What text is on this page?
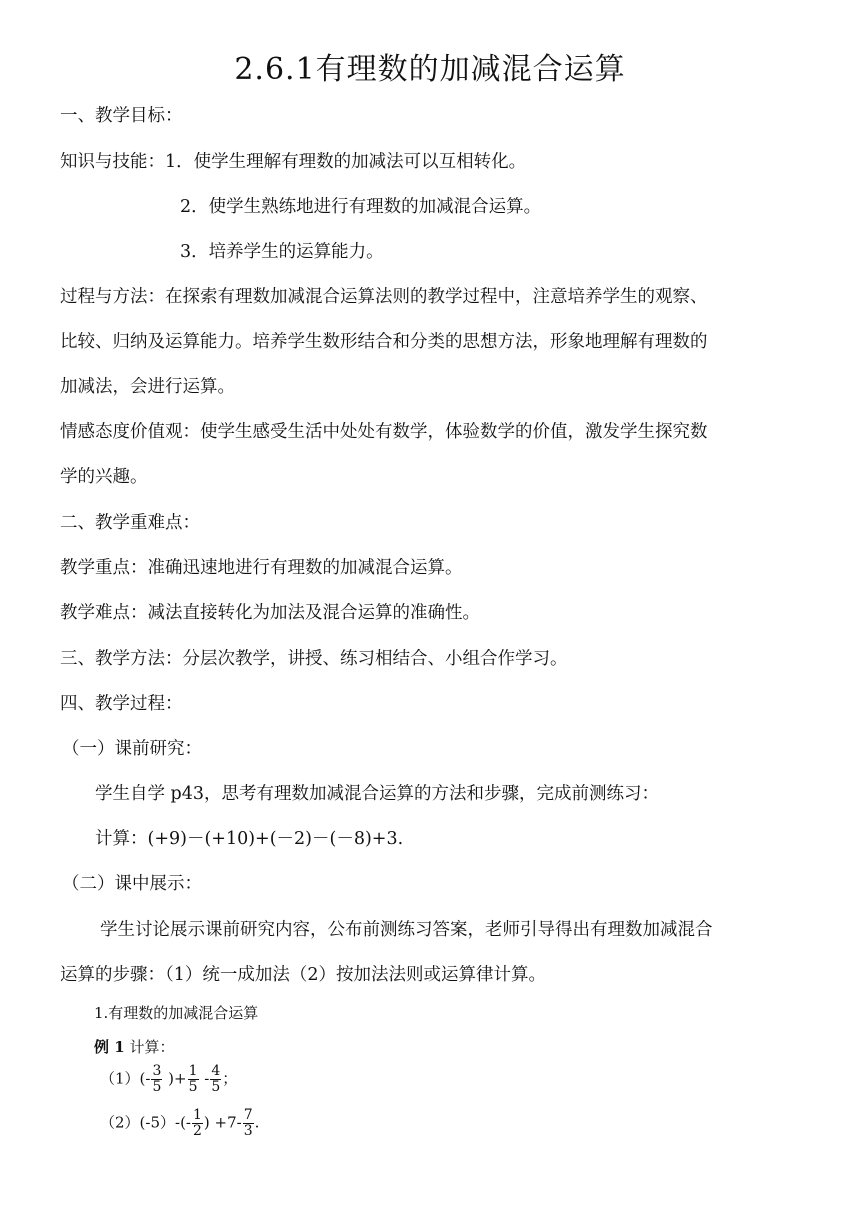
2.6.1有理数的加减混合运算
一、教学目标：
知识与技能：1．使学生理解有理数的加减法可以互相转化。
2．使学生熟练地进行有理数的加减混合运算。
3．培养学生的运算能力。
过程与方法：在探索有理数加减混合运算法则的教学过程中，注意培养学生的观察、
比较、归纳及运算能力。培养学生数形结合和分类的思想方法，形象地理解有理数的
加减法，会进行运算。
情感态度价值观：使学生感受生活中处处有数学，体验数学的价值，激发学生探究数
学的兴趣。
二、教学重难点：
教学重点：准确迅速地进行有理数的加减混合运算。
教学难点：减法直接转化为加法及混合运算的准确性。
三、教学方法：分层次教学，讲授、练习相结合、小组合作学习。
四、教学过程：
（一）课前研究：
学生自学 p43，思考有理数加减混合运算的方法和步骤，完成前测练习：
计算：(+9)－(+10)+(－2)－(－8)+3.
（二）课中展示：
学生讨论展示课前研究内容，公布前测练习答案，老师引导得出有理数加减混合
运算的步骤：（1）统一成加法（2）按加法法则或运算律计算。
1.有理数的加减混合运算
例 1 计算：
$(1)(- \frac{3}{5}$ )+ $\frac{1}{5} - \frac{4}{5}$ ；
$(2)(-5)-(- \frac{1}{2}$ ) $+7- \frac{7}{3}$ .
